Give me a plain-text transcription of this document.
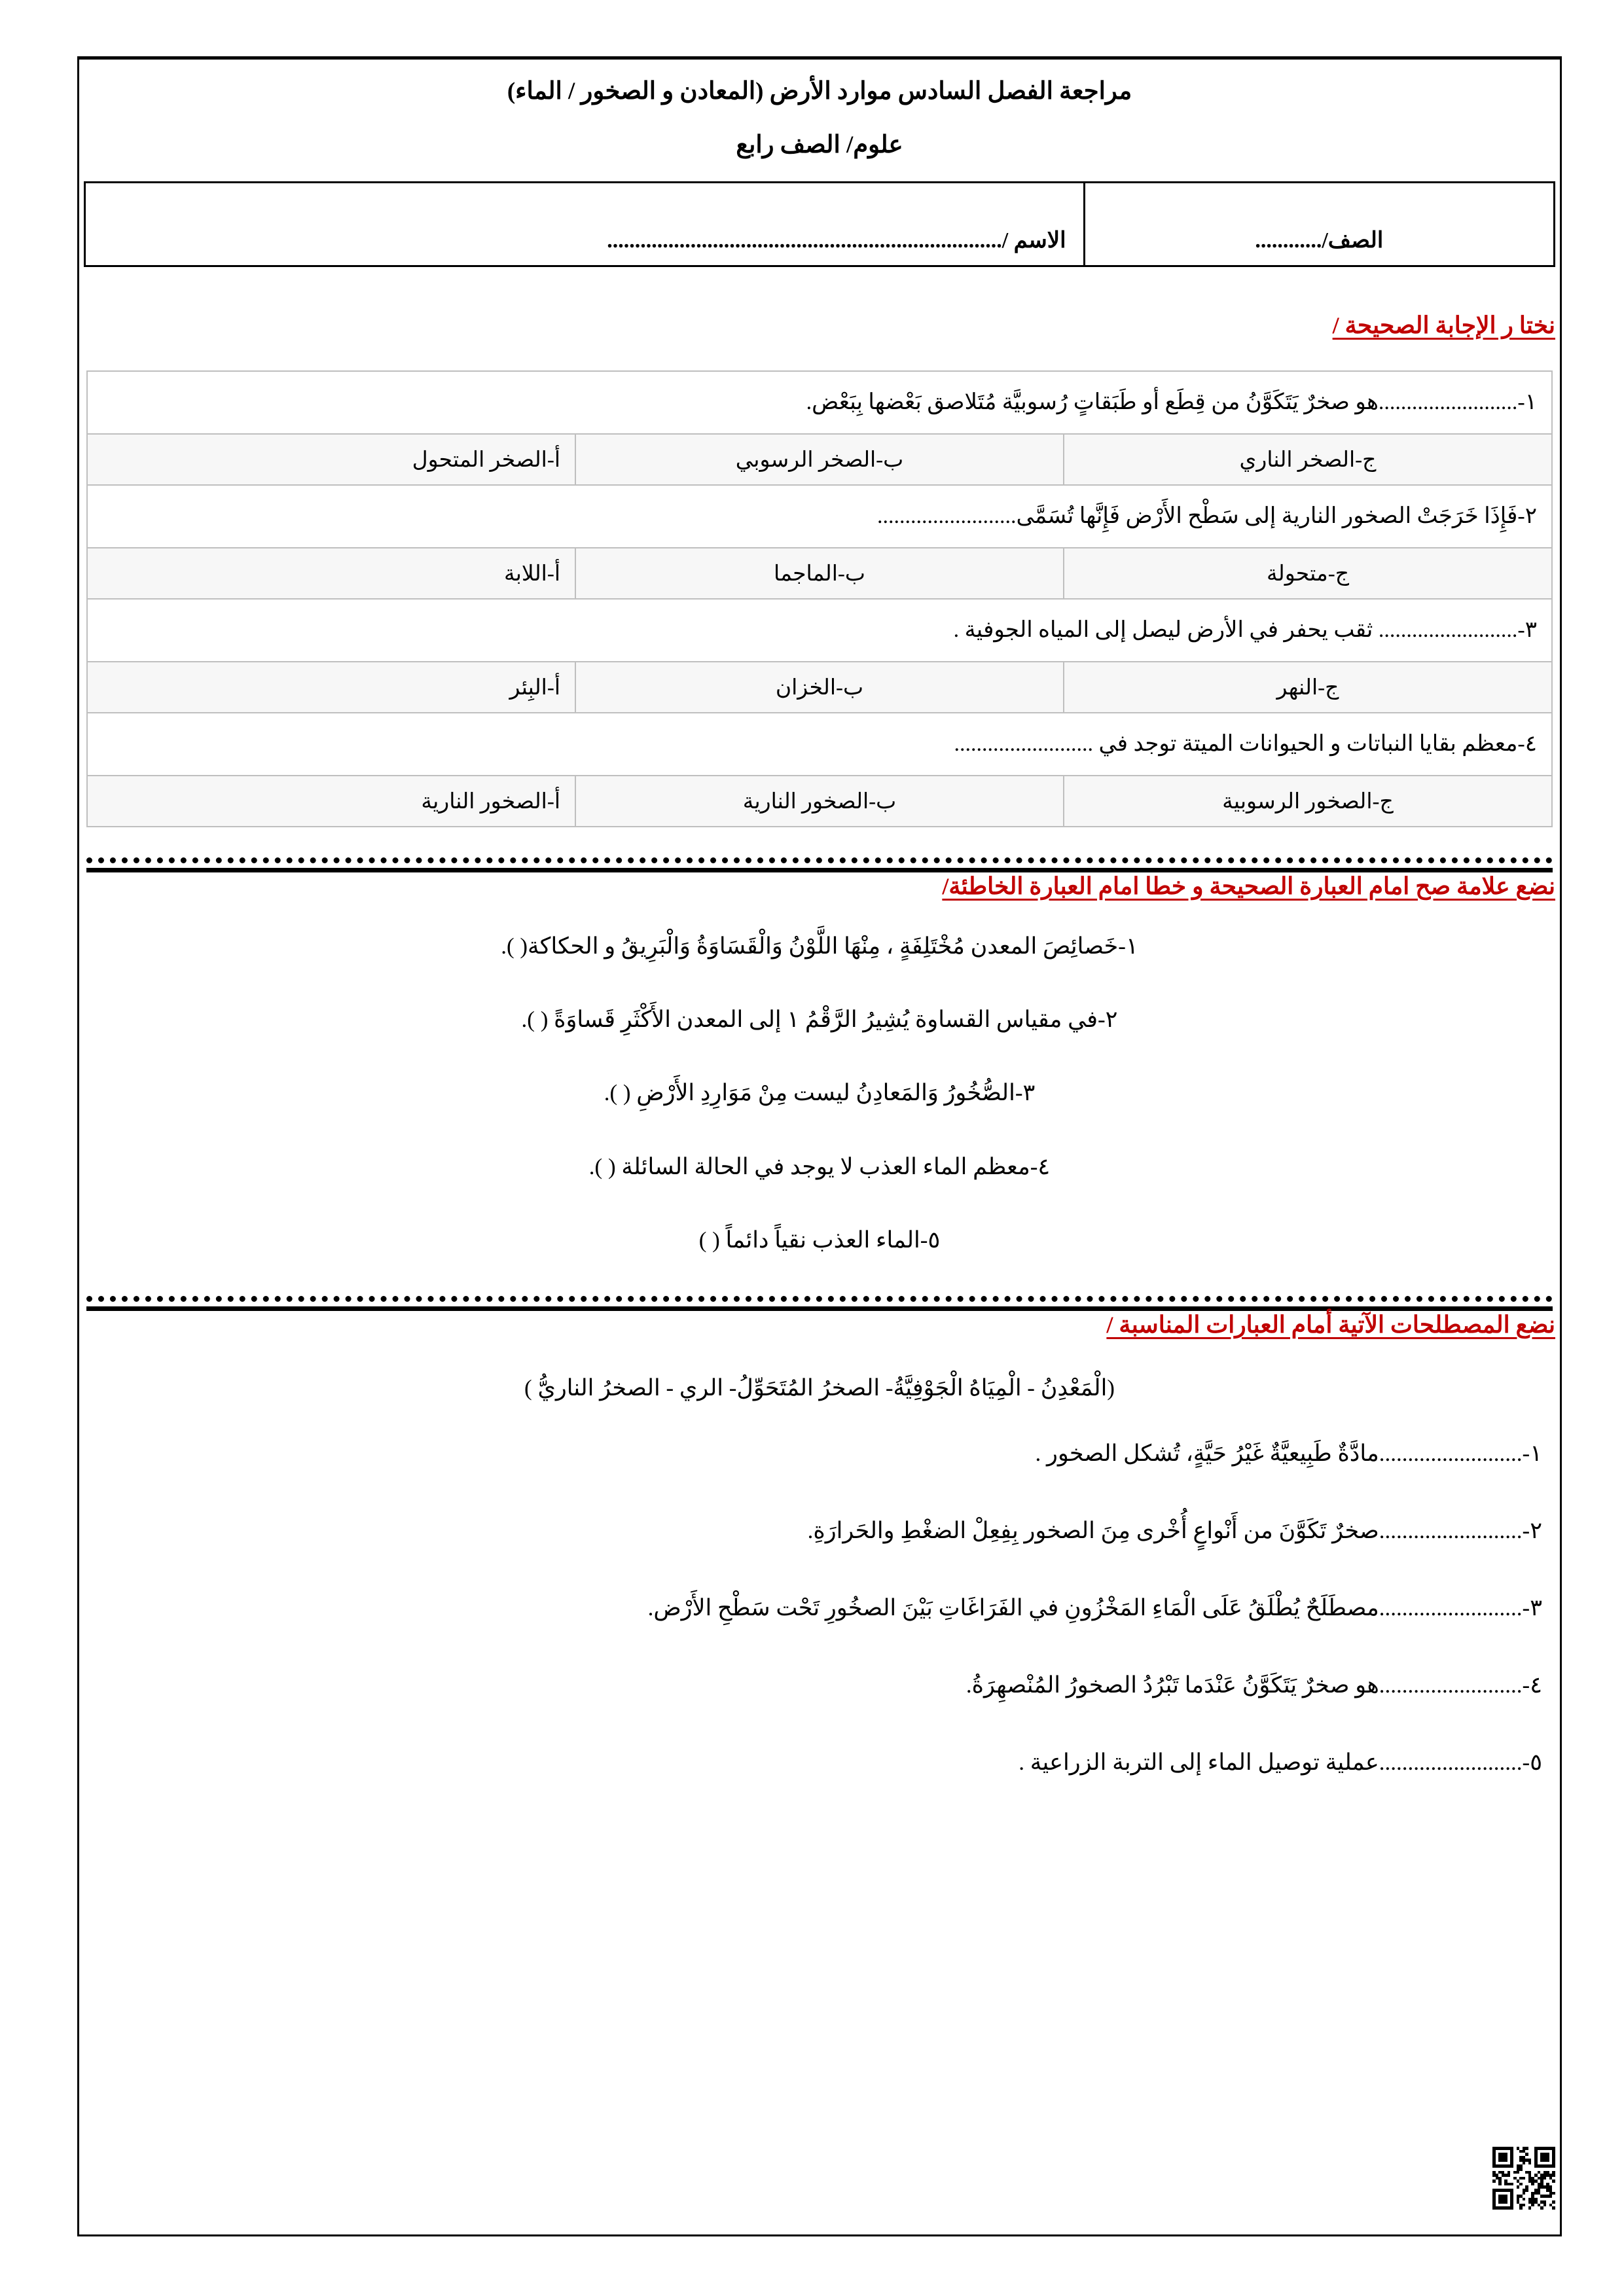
مراجعة الفصل السادس موارد الأرض (المعادن و الصخور / الماء)
علوم/ الصف رابع
الصف/............	الاسم /.......................................................................
نختا ر الإجابة الصحيحة /
١-.........................هو صخرٌ يَتَكَوَّنُ من قِطَع أو طَبَقاتٍ رُسوبيَّة مُتَلاصق بَعْضها بِبَعْض.		
ج-الصخر الناري	ب-الصخر الرسوبي	أ-الصخر المتحول
٢-فَإِذَا خَرَجَتْ الصخور النارية إلى سَطْح الأَرْض فَإِنَّها تُسَمَّى.........................		
ج-متحولة	ب-الماجما	أ-اللابة
٣-......................... ثقب يحفر في الأرض ليصل إلى المياه الجوفية .		
ج-النهر	ب-الخزان	أ-البِئر
٤-معظم بقايا النباتات و الحيوانات الميتة توجد في .........................		
ج-الصخور الرسوبية	ب-الصخور النارية	أ-الصخور النارية
نضع علامة صح امام العبارة الصحيحة و خطا امام العبارة الخاطئة/
١-خَصائِصَ المعدن مُخْتَلِفَةٍ ، مِنْهَا اللَّوْنُ وَالْقَسَاوَةُ وَالْبَرِيقُ و الحكاكة( ).
٢-في مقياس القساوة يُشِيرُ الرَّقْمُ ١ إلى المعدن الأَكْثَرِ قَساوَةً ( ).
٣-الصُّخُورُ وَالمَعادِنُ ليست مِنْ مَوَارِدِ الأَرْضِ ( ).
٤-معظم الماء العذب لا يوجد في الحالة السائلة ( ).
٥-الماء العذب نقياً دائماً ( )
نضع المصطلحات الآتية أمام العبارات المناسبة /
(الْمَعْدِنُ - الْمِيَاهُ الْجَوْفِيَّةُ- الصخرُ المُتَحَوِّلُ- الري - الصخرُ الناريُّ )
١-.........................مادَّةٌ طَبِيعيَّةٌ غَيْرُ حَيَّةٍ، تُشكل الصخور .
٢-.........................صخرٌ تَكَوَّنَ من أَنْواعٍ أُخْرى مِنَ الصخور بِفِعِلْ الضغْطِ والحَرارَةِ.
٣-.........................مصطَلَحٌ يُطْلَقُ عَلَى الْمَاءِ المَخْزُونِ في الفَرَاغَاتِ بَيْنَ الصخُورِ تَحْت سَطْحِ الأَرْض.
٤-.........................هو صخرٌ يَتَكَوَّنُ عَنْدَما تَبْرُدُ الصخورُ المُنْصهِرَةُ.
٥-.........................عملية توصيل الماء إلى التربة الزراعية .
